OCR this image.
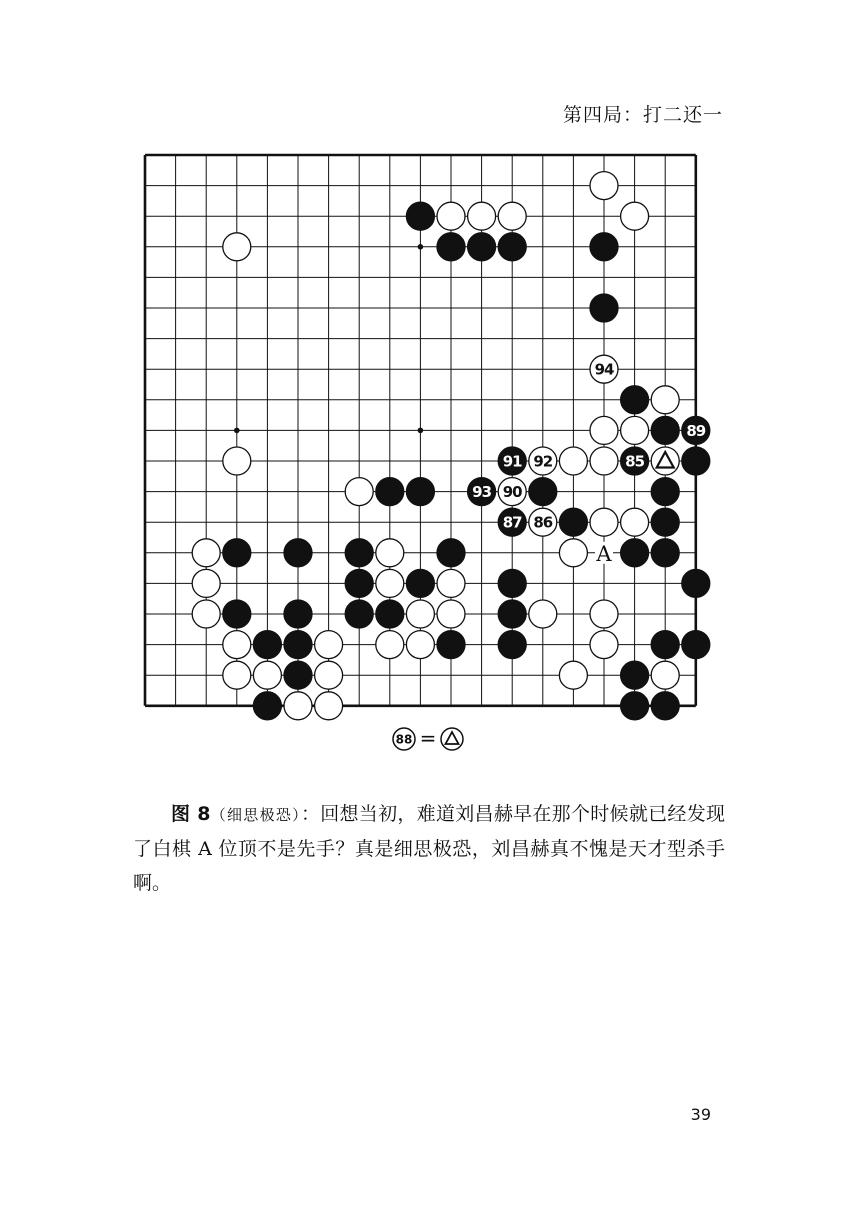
第四局：打二还一
A
94
89
91 92	85
93 90
87 86
88 =

图 8（细思极恐）：回想当初，难道刘昌赫早在那个时候就已经发现了白棋 A 位顶不是先手？真是细思极恐，刘昌赫真不愧是天才型杀手啊。

39
